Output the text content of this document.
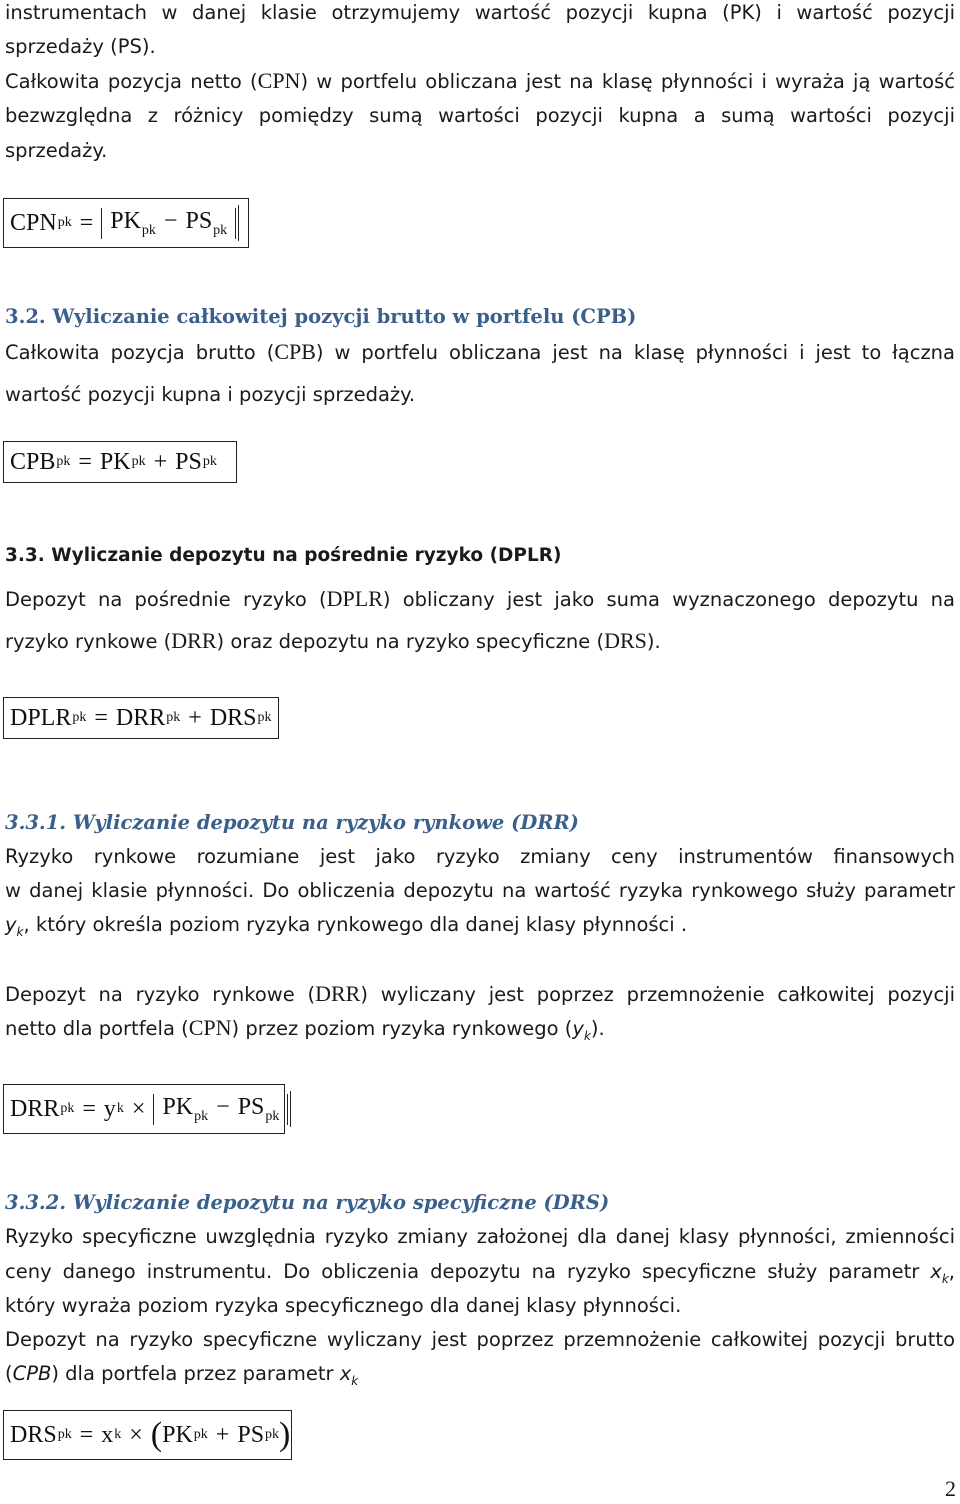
instrumentach w danej klasie otrzymujemy wartość pozycji kupna (PK) i wartość pozycji

sprzedaży (PS).

Całkowita pozycja netto (CPN) w portfelu obliczana jest na klasę płynności i wyraża ją wartość

bezwzględna z różnicy pomiędzy sumą wartości pozycji kupna a sumą wartości pozycji

sprzedaży.

CPN pk = $PK_{pk} - PS_{pk}$
3.2. Wyliczanie całkowitej pozycji brutto w portfelu (CPB)

Całkowita pozycja brutto (CPB) w portfelu obliczana jest na klasę płynności i jest to łączna

wartość pozycji kupna i pozycji sprzedaży.

CPB pk = PK pk + PS pk
3.3. Wyliczanie depozytu na pośrednie ryzyko (DPLR)

Depozyt na pośrednie ryzyko (DPLR) obliczany jest jako suma wyznaczonego depozytu na

ryzyko rynkowe (DRR) oraz depozytu na ryzyko specyficzne (DRS).

DPLR pk = DRR pk + DRS pk
3.3.1. Wyliczanie depozytu na ryzyko rynkowe (DRR)

Ryzyko rynkowe rozumiane jest jako ryzyko zmiany ceny instrumentów finansowych

w danej klasie płynności. Do obliczenia depozytu na wartość ryzyka rynkowego służy parametr

$y_k$, który określa poziom ryzyka rynkowego dla danej klasy płynności .

Depozyt na ryzyko rynkowe (DRR) wyliczany jest poprzez przemnożenie całkowitej pozycji

netto dla portfela (CPN) przez poziom ryzyka rynkowego $(y_k)$.

DRR pk = y $k \times PK_{pk} - PS_{pk}$
3.3.2. Wyliczanie depozytu na ryzyko specyficzne (DRS)

Ryzyko specyficzne uwzględnia ryzyko zmiany założonej dla danej klasy płynności, zmienności

ceny danego instrumentu. Do obliczenia depozytu na ryzyko specyficzne służy parametr $x_k$,

który wyraża poziom ryzyka specyficznego dla danej klasy płynności.

Depozyt na ryzyko specyficzne wyliczany jest poprzez przemnożenie całkowitej pozycji brutto

(CPB) dla portfela przez parametr $x_k$

DRS pk = x k × ( PK pk + PS pk )
2
